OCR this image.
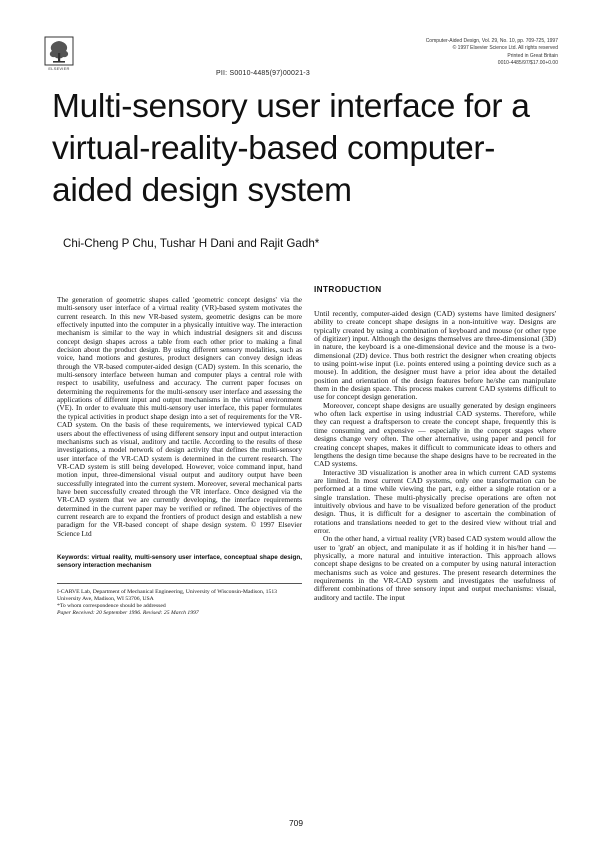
ELSEVIER
PII: S0010-4485(97)00021-3
Computer-Aided Design, Vol. 29, No. 10, pp. 709-725, 1997
© 1997 Elsevier Science Ltd. All rights reserved
Printed in Great Britain
0010-4485/97/$17.00+0.00
Multi-sensory user interface for a virtual-reality-based computer-aided design system
Chi-Cheng P Chu, Tushar H Dani and Rajit Gadh*

The generation of geometric shapes called 'geometric concept designs' via the multi-sensory user interface of a virtual reality (VR)-based system motivates the current research. In this new VR-based system, geometric designs can be more effectively inputted into the computer in a physically intuitive way. The interaction mechanism is similar to the way in which industrial designers sit and discuss concept design shapes across a table from each other prior to making a final decision about the product design. By using different sensory modalities, such as voice, hand motions and gestures, product designers can convey design ideas through the VR-based computer-aided design (CAD) system. In this scenario, the multi-sensory interface between human and computer plays a central role with respect to usability, usefulness and accuracy. The current paper focuses on determining the requirements for the multi-sensory user interface and assessing the applications of different input and output mechanisms in the virtual environment (VE). In order to evaluate this multi-sensory user interface, this paper formulates the typical activities in product shape design into a set of requirements for the VR-CAD system. On the basis of these requirements, we interviewed typical CAD users about the effectiveness of using different sensory input and output interaction mechanisms such as visual, auditory and tactile. According to the results of these investigations, a model network of design activity that defines the multi-sensory user interface of the VR-CAD system is determined in the current research. The VR-CAD system is still being developed. However, voice command input, hand motion input, three-dimensional visual output and auditory output have been successfully integrated into the current system. Moreover, several mechanical parts have been successfully created through the VR interface. Once designed via the VR-CAD system that we are currently developing, the interface requirements determined in the current paper may be verified or refined. The objectives of the current research are to expand the frontiers of product design and establish a new paradigm for the VR-based concept of shape design system. © 1997 Elsevier Science Ltd

Keywords: virtual reality, multi-sensory user interface, conceptual shape design, sensory interaction mechanism

I-CARVE Lab, Department of Mechanical Engineering, University of Wisconsin-Madison, 1513 University Ave, Madison, WI 53706, USA

*To whom correspondence should be addressed

Paper Received: 20 September 1996. Revised: 25 March 1997

INTRODUCTION

Until recently, computer-aided design (CAD) systems have limited designers' ability to create concept shape designs in a non-intuitive way. Designs are typically created by using a combination of keyboard and mouse (or other type of digitizer) input. Although the designs themselves are three-dimensional (3D) in nature, the keyboard is a one-dimensional device and the mouse is a two-dimensional (2D) device. Thus both restrict the designer when creating objects to using point-wise input (i.e. points entered using a pointing device such as a mouse). In addition, the designer must have a prior idea about the detailed position and orientation of the design features before he/she can manipulate them in the design space. This process makes current CAD systems difficult to use for concept design generation.

Moreover, concept shape designs are usually generated by design engineers who often lack expertise in using industrial CAD systems. Therefore, while they can request a draftsperson to create the concept shape, frequently this is time consuming and expensive — especially in the concept stages where designs change very often. The other alternative, using paper and pencil for creating concept shapes, makes it difficult to communicate ideas to others and lengthens the design time because the shape designs have to be recreated in the CAD systems.

Interactive 3D visualization is another area in which current CAD systems are limited. In most current CAD systems, only one transformation can be performed at a time while viewing the part, e.g. either a single rotation or a single translation. These multi-physically precise operations are often not intuitively obvious and have to be visualized before generation of the product design. Thus, it is difficult for a designer to ascertain the combination of rotations and translations needed to get to the desired view without trial and error.

On the other hand, a virtual reality (VR) based CAD system would allow the user to 'grab' an object, and manipulate it as if holding it in his/her hand — physically, a more natural and intuitive interaction. This approach allows concept shape designs to be created on a computer by using natural interaction mechanisms such as voice and gestures. The present research determines the requirements in the VR-CAD system and investigates the usefulness of different combinations of three sensory input and output mechanisms: visual, auditory and tactile. The input

709
